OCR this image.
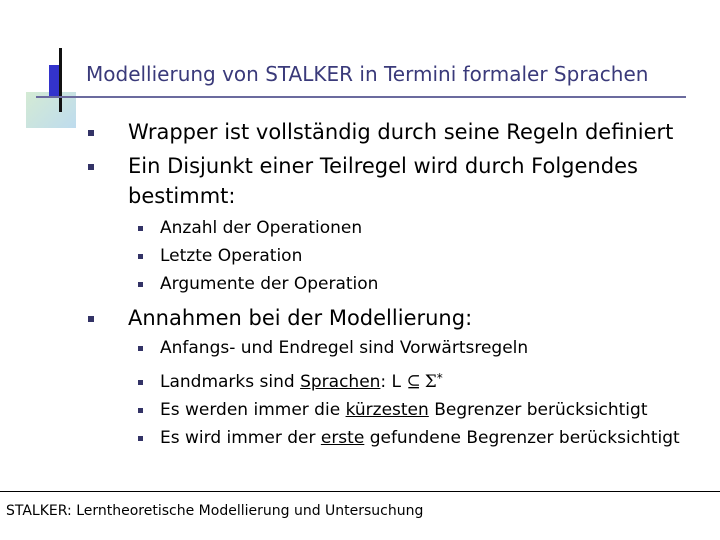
Modellierung von STALKER in Termini formaler Sprachen
Wrapper ist vollständig durch seine Regeln definiert
Ein Disjunkt einer Teilregel wird durch Folgendes
bestimmt:
Anzahl der Operationen
Letzte Operation
Argumente der Operation
Annahmen bei der Modellierung:
Anfangs- und Endregel sind Vorwärtsregeln
Landmarks sind Sprachen: L ⊆ Σ*
Es werden immer die kürzesten Begrenzer berücksichtigt
Es wird immer der erste gefundene Begrenzer berücksichtigt
STALKER: Lerntheoretische Modellierung und Untersuchung
